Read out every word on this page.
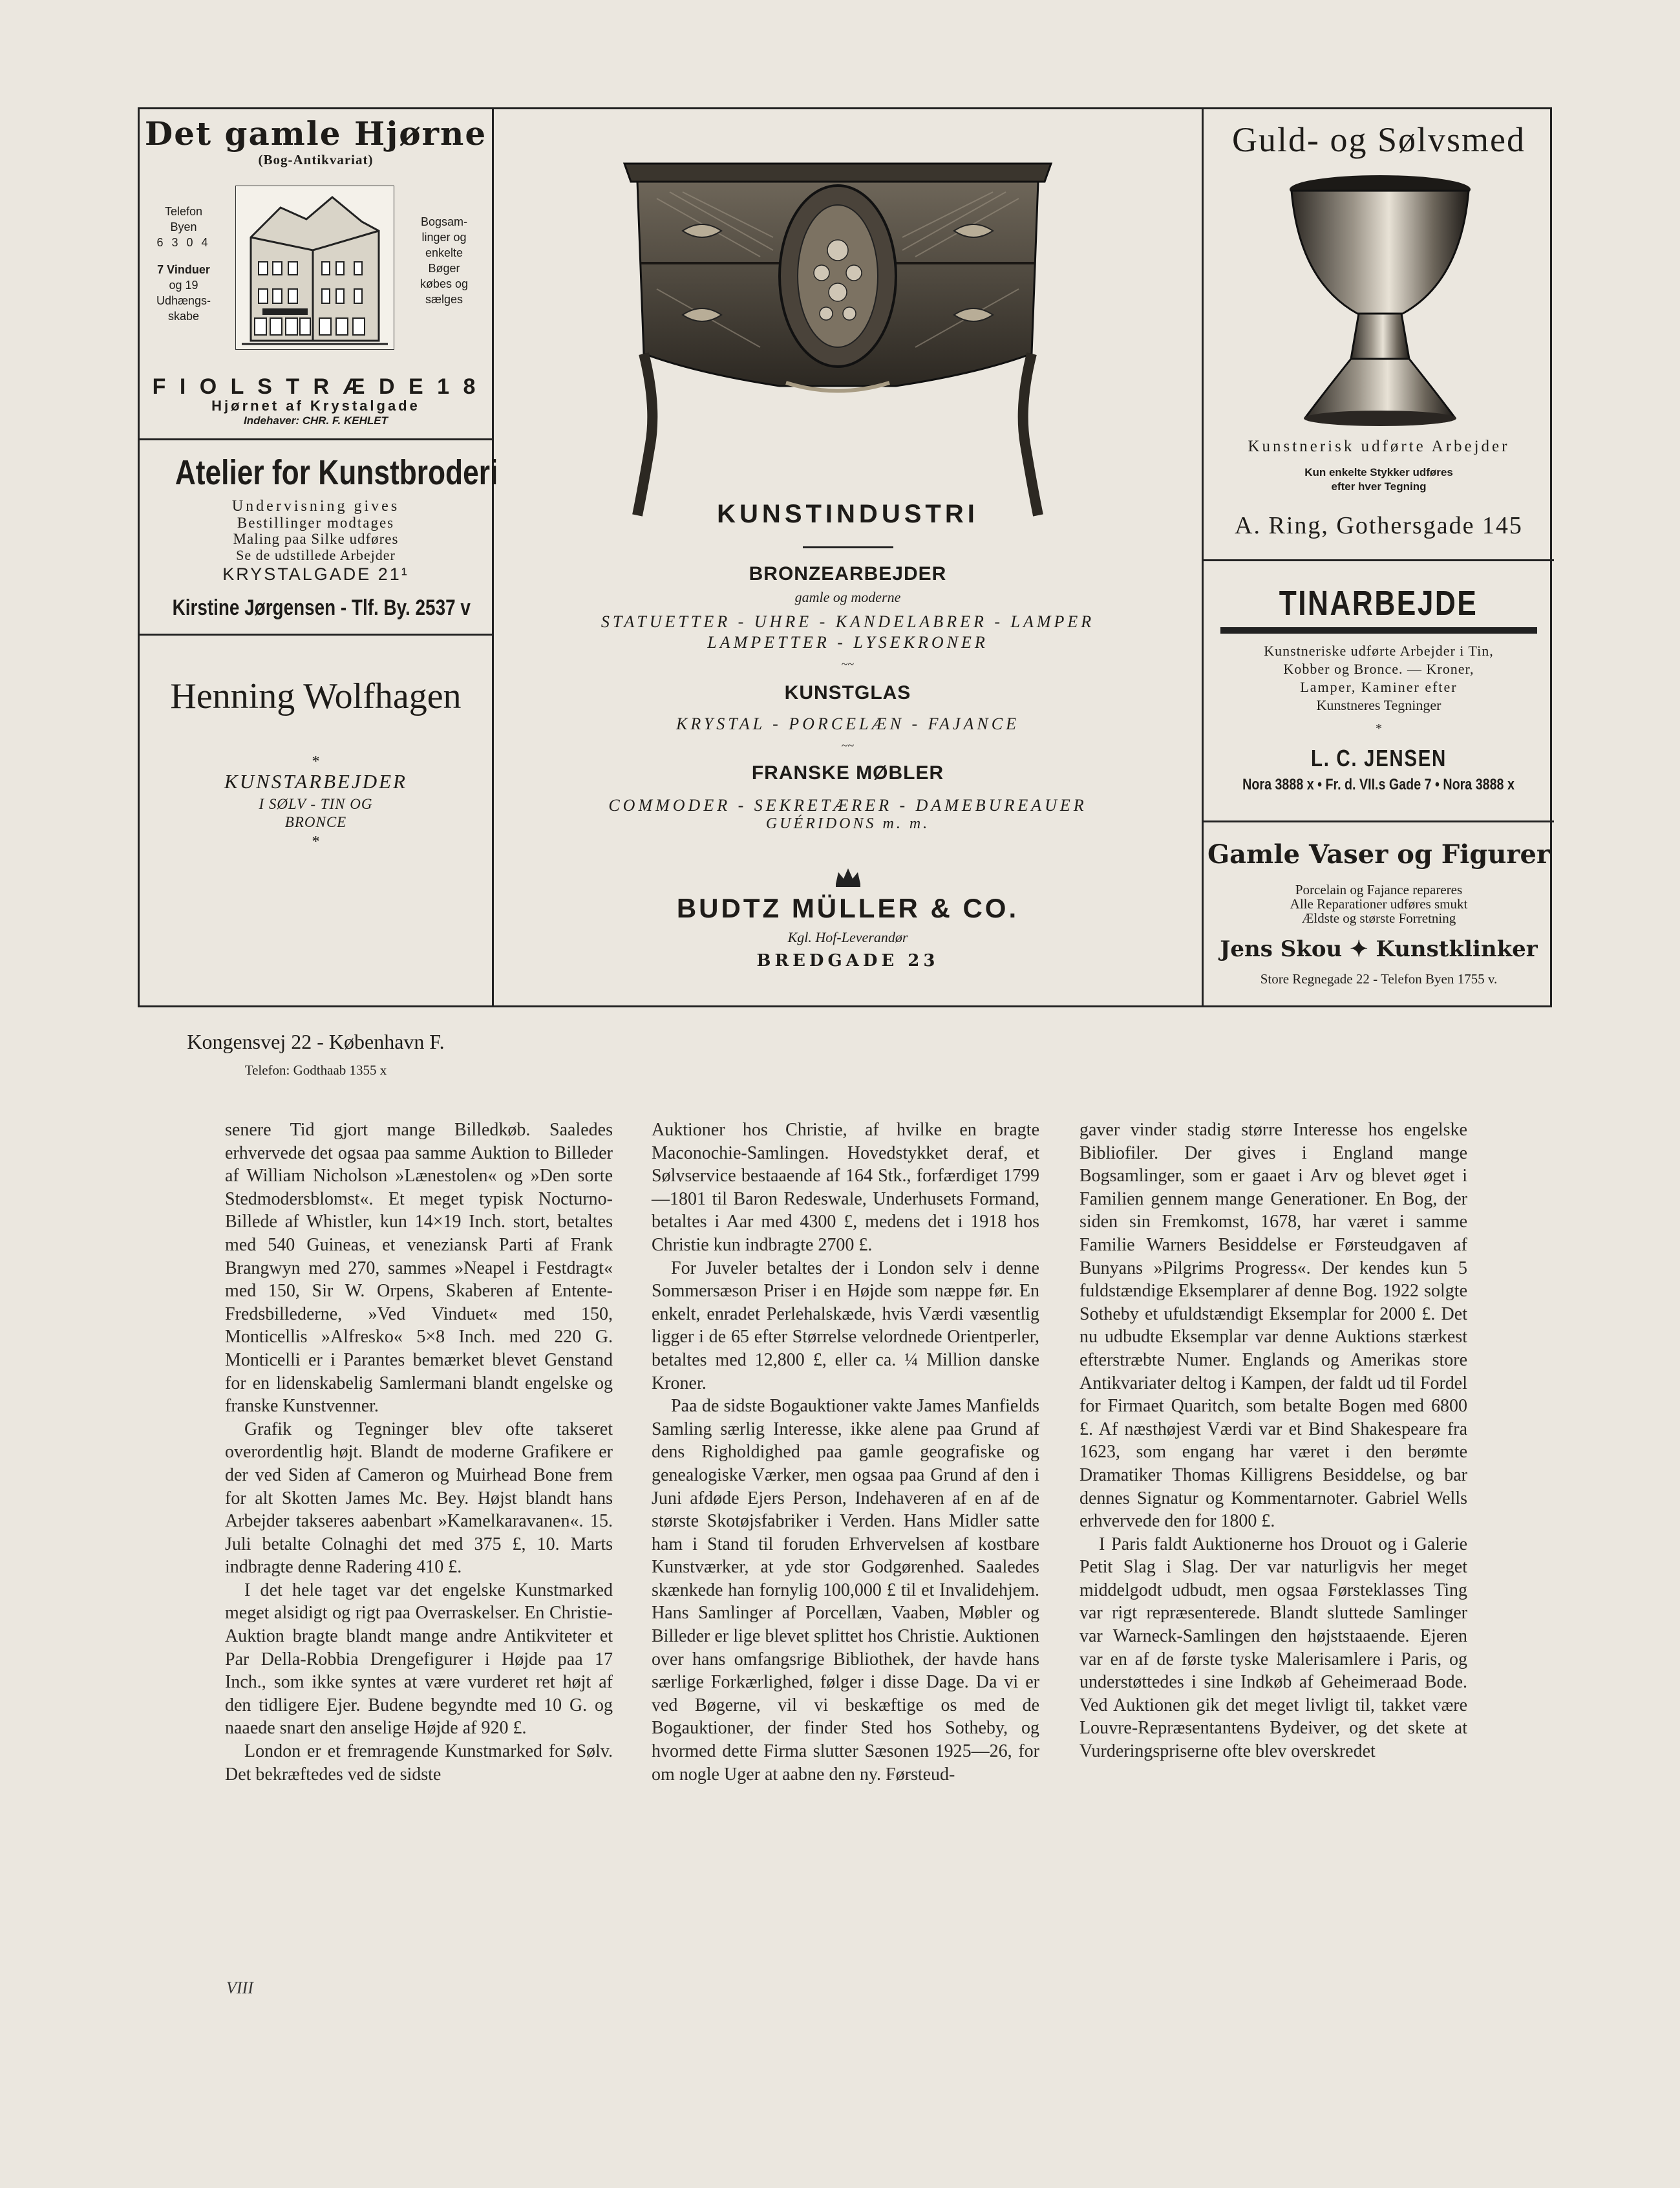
Det gamle Hjørne
(Bog-Antikvariat)
Telefon
Byen
6 3 0 4
7 Vinduer
og 19
Udhængs-
skabe
Bogsam-
linger og
enkelte
Bøger
købes og
sælges
F I O L S T R Æ D E 1 8
Hjørnet af Krystalgade
Indehaver: CHR. F. KEHLET
Atelier for Kunstbroderi
Undervisning gives
Bestillinger modtages
Maling paa Silke udføres
Se de udstillede Arbejder
KRYSTALGADE 21¹
Kirstine Jørgensen - Tlf. By. 2537 v
Henning Wolfhagen
*
KUNSTARBEJDER
I SØLV - TIN OG
BRONCE
*
Kongensvej 22 - København F.
Telefon: Godthaab 1355 x
KUNSTINDUSTRI
BRONZEARBEJDER
gamle og moderne
STATUETTER - UHRE - KANDELABRER - LAMPER
LAMPETTER - LYSEKRONER
~~
KUNSTGLAS
KRYSTAL - PORCELÆN - FAJANCE
~~
FRANSKE MØBLER
COMMODER - SEKRETÆRER - DAMEBUREAUER
GUÉRIDONS m. m.
BUDTZ MÜLLER & CO.
Kgl. Hof-Leverandør
BREDGADE 23
Guld- og Sølvsmed
Kunstnerisk udførte Arbejder
Kun enkelte Stykker udføres
efter hver Tegning
A. Ring, Gothersgade 145
TINARBEJDE
Kunstneriske udførte Arbejder i Tin,
Kobber og Bronce. — Kroner,
Lamper, Kaminer efter
Kunstneres Tegninger
*
L. C. JENSEN
Nora 3888 x • Fr. d. VII.s Gade 7 • Nora 3888 x
Gamle Vaser og Figurer
Porcelain og Fajance repareres
Alle Reparationer udføres smukt
Ældste og største Forretning
Jens Skou ✦ Kunstklinker
Store Regnegade 22 - Telefon Byen 1755 v.

senere Tid gjort mange Billedkøb. Saaledes erhvervede det ogsaa paa samme Auktion to Billeder af William Nicholson »Lænestolen« og »Den sorte Stedmodersblomst«. Et meget typisk Nocturno-Billede af Whistler, kun 14×19 Inch. stort, betaltes med 540 Guineas, et veneziansk Parti af Frank Brangwyn med 270, sammes »Neapel i Festdragt« med 150, Sir W. Orpens, Skaberen af Entente-Fredsbillederne, »Ved Vinduet« med 150, Monticellis »Alfresko« 5×8 Inch. med 220 G. Monticelli er i Parantes bemærket blevet Genstand for en lidenskabelig Samlermani blandt engelske og franske Kunstvenner.

Grafik og Tegninger blev ofte takseret overordentlig højt. Blandt de moderne Grafikere er der ved Siden af Cameron og Muirhead Bone frem for alt Skotten James Mc. Bey. Højst blandt hans Arbejder takseres aabenbart »Kamelkaravanen«. 15. Juli betalte Colnaghi det med 375 £, 10. Marts indbragte denne Radering 410 £.

I det hele taget var det engelske Kunstmarked meget alsidigt og rigt paa Overraskelser. En Christie-Auktion bragte blandt mange andre Antikviteter et Par Della-Robbia Drengefigurer i Højde paa 17 Inch., som ikke syntes at være vurderet ret højt af den tidligere Ejer. Budene begyndte med 10 G. og naaede snart den anselige Højde af 920 £.

London er et fremragende Kunstmarked for Sølv. Det bekræftedes ved de sidste

Auktioner hos Christie, af hvilke en bragte Maconochie-Samlingen. Hovedstykket deraf, et Sølvservice bestaaende af 164 Stk., forfærdiget 1799—1801 til Baron Redeswale, Underhusets Formand, betaltes i Aar med 4300 £, medens det i 1918 hos Christie kun indbragte 2700 £.

For Juveler betaltes der i London selv i denne Sommersæson Priser i en Højde som næppe før. En enkelt, enradet Perlehalskæde, hvis Værdi væsentlig ligger i de 65 efter Størrelse velordnede Orientperler, betaltes med 12,800 £, eller ca. ¼ Million danske Kroner.

Paa de sidste Bogauktioner vakte James Manfields Samling særlig Interesse, ikke alene paa Grund af dens Righoldighed paa gamle geografiske og genealogiske Værker, men ogsaa paa Grund af den i Juni afdøde Ejers Person, Indehaveren af en af de største Skotøjsfabriker i Verden. Hans Midler satte ham i Stand til foruden Erhvervelsen af kostbare Kunstværker, at yde stor Godgørenhed. Saaledes skænkede han fornylig 100,000 £ til et Invalidehjem. Hans Samlinger af Porcellæn, Vaaben, Møbler og Billeder er lige blevet splittet hos Christie. Auktionen over hans omfangsrige Bibliothek, der havde hans særlige Forkærlighed, følger i disse Dage. Da vi er ved Bøgerne, vil vi beskæftige os med de Bogauktioner, der finder Sted hos Sotheby, og hvormed dette Firma slutter Sæsonen 1925—26, for om nogle Uger at aabne den ny. Førsteud-

gaver vinder stadig større Interesse hos engelske Bibliofiler. Der gives i England mange Bogsamlinger, som er gaaet i Arv og blevet øget i Familien gennem mange Generationer. En Bog, der siden sin Fremkomst, 1678, har været i samme Familie Warners Besiddelse er Førsteudgaven af Bunyans »Pilgrims Progress«. Der kendes kun 5 fuldstændige Eksemplarer af denne Bog. 1922 solgte Sotheby et ufuldstændigt Eksemplar for 2000 £. Det nu udbudte Eksemplar var denne Auktions stærkest efterstræbte Numer. Englands og Amerikas store Antikvariater deltog i Kampen, der faldt ud til Fordel for Firmaet Quaritch, som betalte Bogen med 6800 £. Af næsthøjest Værdi var et Bind Shakespeare fra 1623, som engang har været i den berømte Dramatiker Thomas Killigrens Besiddelse, og bar dennes Signatur og Kommentarnoter. Gabriel Wells erhvervede den for 1800 £.

I Paris faldt Auktionerne hos Drouot og i Galerie Petit Slag i Slag. Der var naturligvis her meget middelgodt udbudt, men ogsaa Førsteklasses Ting var rigt repræsenterede. Blandt sluttede Samlinger var Warneck-Samlingen den højststaaende. Ejeren var en af de første tyske Malerisamlere i Paris, og understøttedes i sine Indkøb af Geheimeraad Bode. Ved Auktionen gik det meget livligt til, takket være Louvre-Repræsentantens Bydeiver, og det skete at Vurderingspriserne ofte blev overskredet

VIII
